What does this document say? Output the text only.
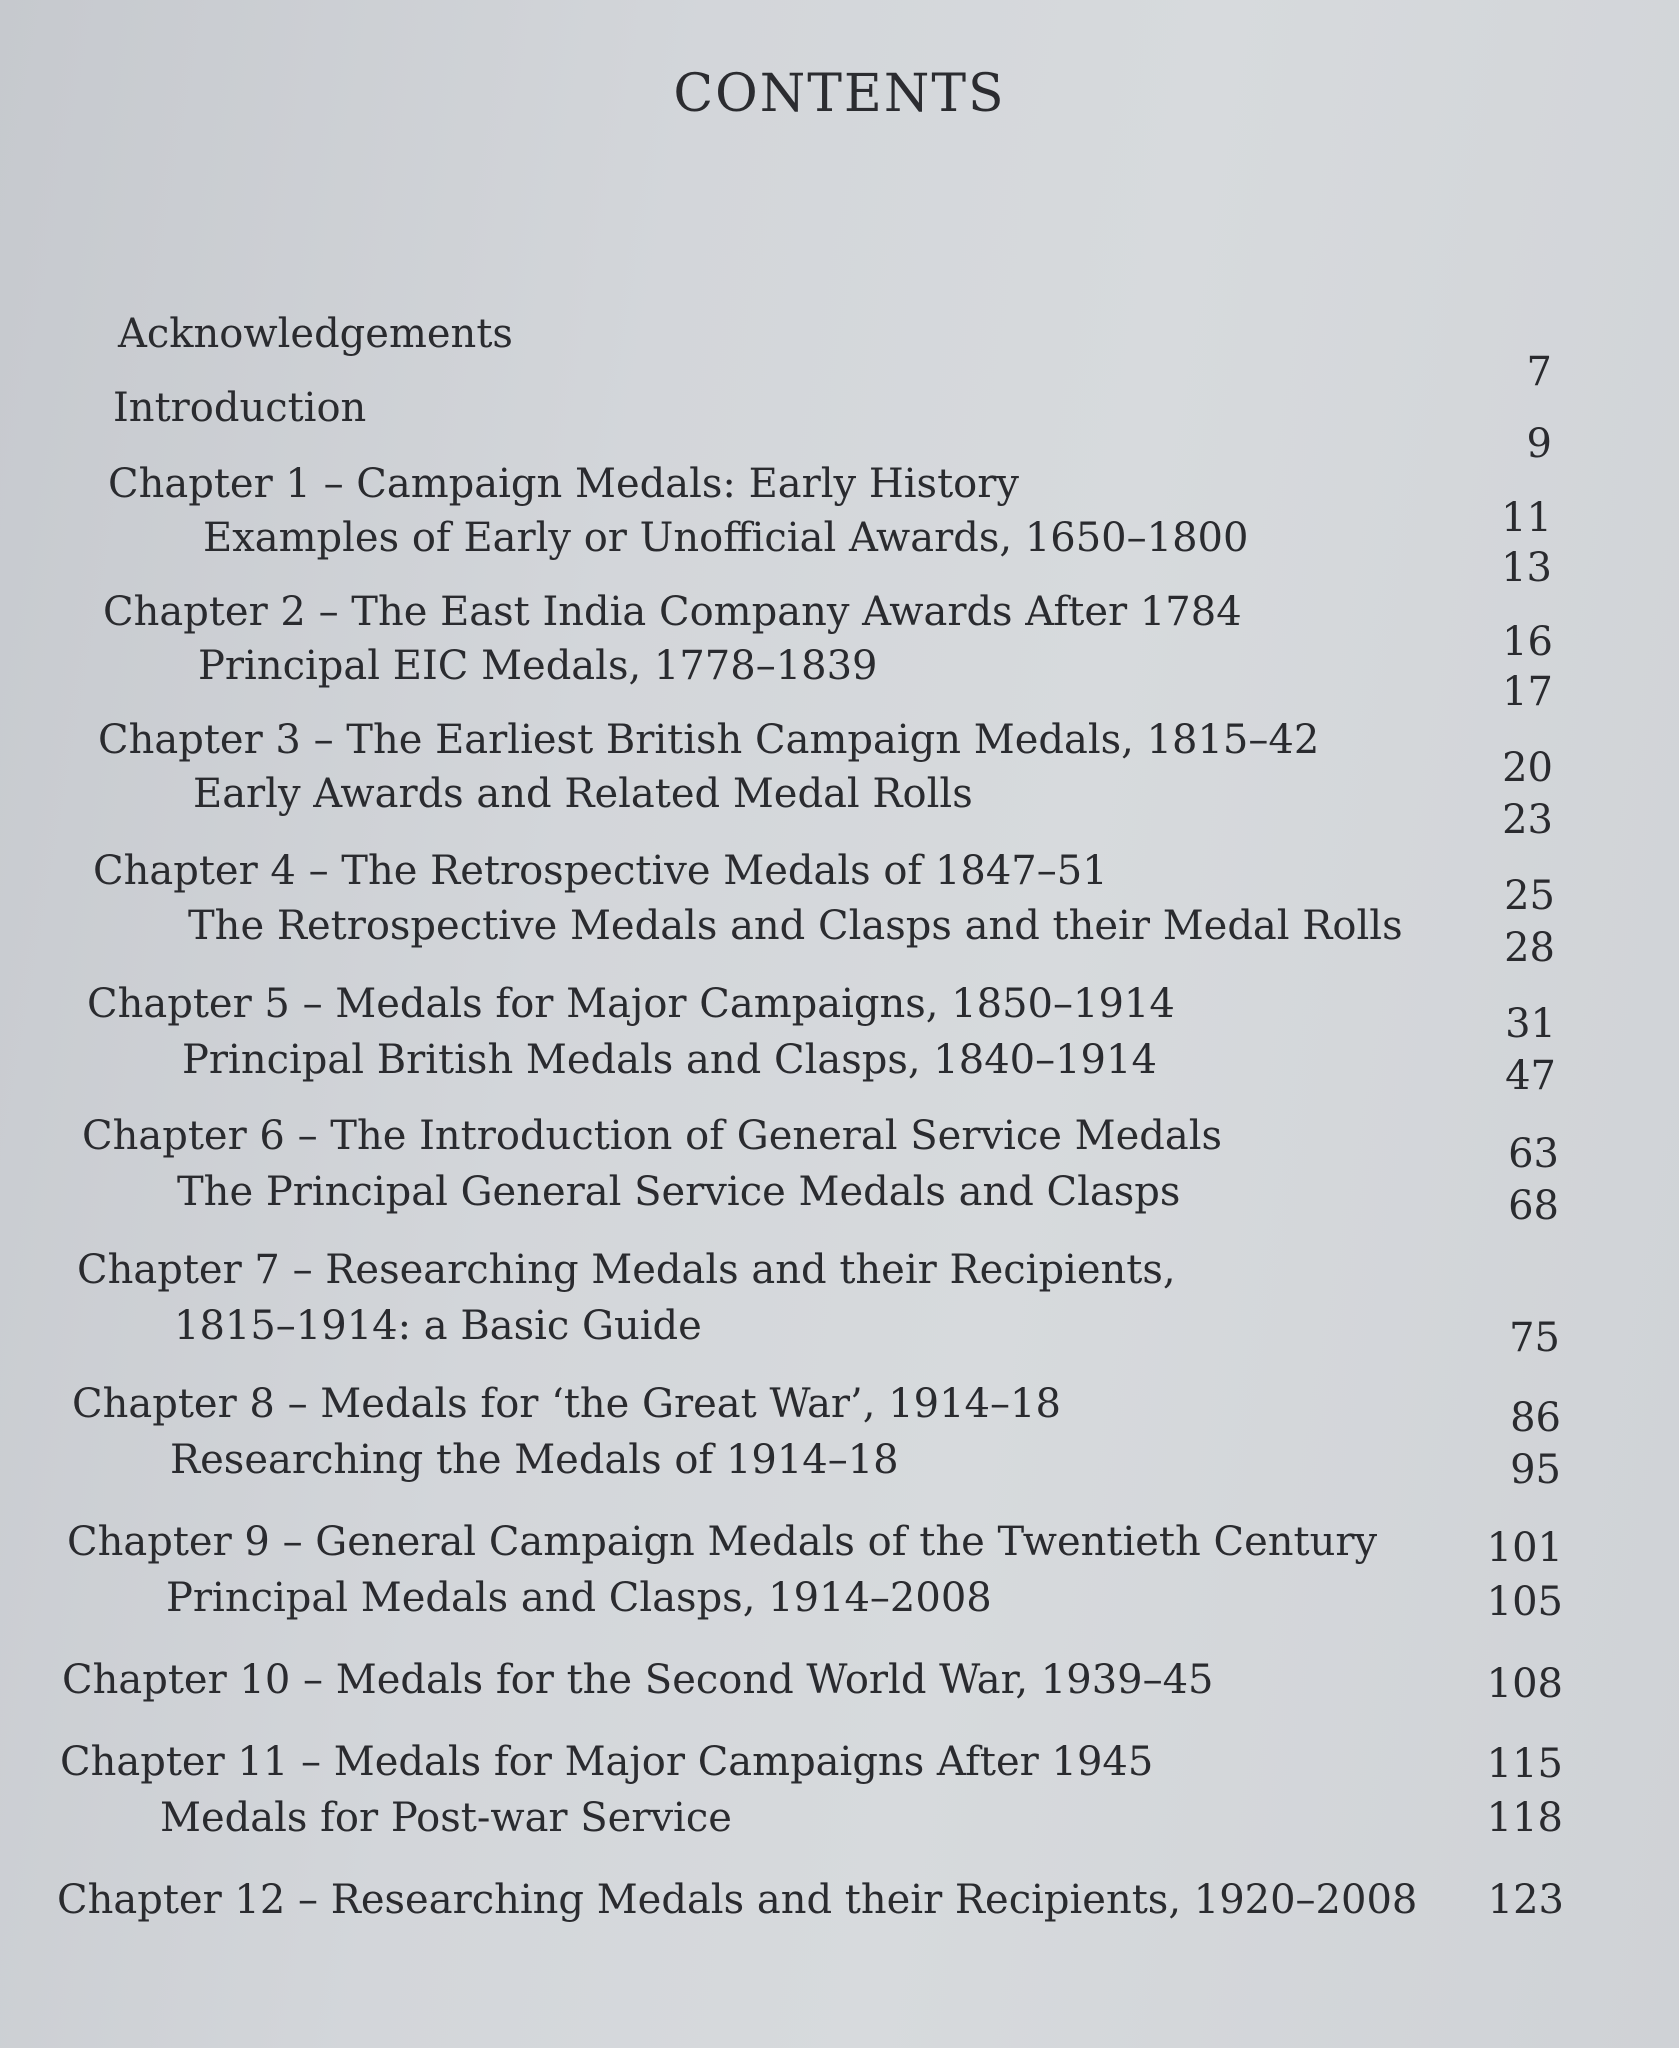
CONTENTS
Acknowledgements
Introduction
Chapter 1 – Campaign Medals: Early History
Examples of Early or Unofficial Awards, 1650–1800
Chapter 2 – The East India Company Awards After 1784
Principal EIC Medals, 1778–1839
Chapter 3 – The Earliest British Campaign Medals, 1815–42
Early Awards and Related Medal Rolls
Chapter 4 – The Retrospective Medals of 1847–51
The Retrospective Medals and Clasps and their Medal Rolls
Chapter 5 – Medals for Major Campaigns, 1850–1914
Principal British Medals and Clasps, 1840–1914
Chapter 6 – The Introduction of General Service Medals
The Principal General Service Medals and Clasps
Chapter 7 – Researching Medals and their Recipients,
1815–1914: a Basic Guide
Chapter 8 – Medals for ‘the Great War’, 1914–18
Researching the Medals of 1914–18
Chapter 9 – General Campaign Medals of the Twentieth Century
Principal Medals and Clasps, 1914–2008
Chapter 10 – Medals for the Second World War, 1939–45
Chapter 11 – Medals for Major Campaigns After 1945
Medals for Post-war Service
Chapter 12 – Researching Medals and their Recipients, 1920–2008
7
9
11
13
16
17
20
23
25
28
31
47
63
68
75
86
95
101
105
108
115
118
123
